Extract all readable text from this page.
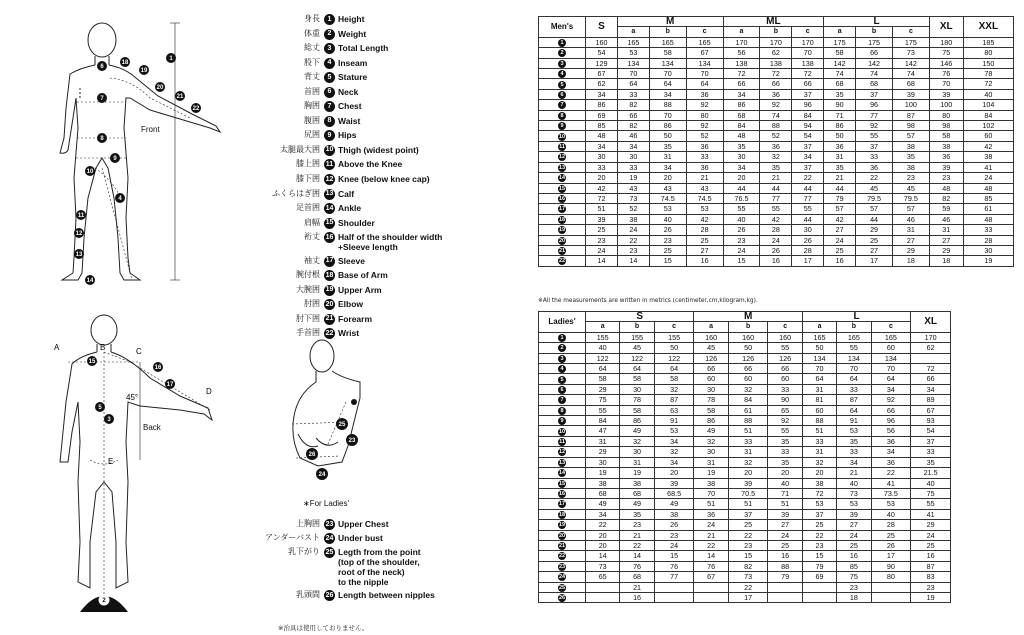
1
6
18
19
20
21
22
7
8
9
10
4
11
12
13
14
Front
15
16
17
5
3
2
A	B	C
D
E
45°
Back	25
23
26
24
∗For Ladies'
身長	1 Height
体重	2 Weight
総丈	3 Total Length
股下	4 Inseam
背丈	5 Stature
首囲	6 Neck
胸囲	7 Chest
腹囲	8 Waist
尻囲	9 Hips
太腿最大囲 10 Thigh (widest point)
膝上囲 11 Above the Knee
膝下囲 12 Knee (below knee cap)
ふくらはぎ囲 13 Calf
足首囲 14 Ankle
肩幅 15 Shoulder
裄丈 16 Half of the shoulder width
+Sleeve length
袖丈 17 Sleeve
腕付根 18 Base of Arm
大腕囲 19 Upper Arm
肘囲 20 Elbow
肘下囲 21 Forearm
手首囲 22 Wrist
上胸囲 23 Upper Chest
アンダーバスト 24 Under bust
乳下がり 25 Legth from the point
(top of the shoulder,
root of the neck)
to the nipple
乳頭間 26 Length between nipples
※治具は使用しておりません。
Men's	S	M			ML			L			XL	XXL
		a	b	c	a	b	c	a	b	c		
1	160	165	165	165	170	170	170	175	175	175	180	185
2	54	53	58	67	56	62	70	58	66	73	75	80
3	129	134	134	134	138	138	138	142	142	142	146	150
4	67	70	70	70	72	72	72	74	74	74	76	78
5	62	64	64	64	66	66	66	68	68	68	70	72
6	34	33	34	36	34	36	37	35	37	39	39	40
7	86	82	88	92	86	92	96	90	96	100	100	104
8	69	66	70	80	68	74	84	71	77	87	80	84
9	85	82	86	92	84	88	94	86	92	98	98	102
10	48	46	50	52	48	52	54	50	55	57	58	60
11	34	34	35	36	35	36	37	36	37	38	38	42
12	30	30	31	33	30	32	34	31	33	35	36	38
13	33	33	34	36	34	35	37	35	36	38	39	41
14	20	19	20	21	20	21	22	21	22	23	23	24
15	42	43	43	43	44	44	44	44	45	45	48	48
16	72	73	74.5	74.5	76.5	77	77	79	79.5	79.5	82	85
17	51	52	53	53	55	55	55	57	57	57	59	61
18	39	38	40	42	40	42	44	42	44	46	46	48
19	25	24	26	28	26	28	30	27	29	31	31	33
20	23	22	23	25	23	24	26	24	25	27	27	28
21	24	23	25	27	24	26	28	25	27	29	29	30
22	14	14	15	16	15	16	17	16	17	18	18	19
※All the measurements are written in metrics (centimeter,cm,kilogram,kg).
Ladies'	S			M			L			XL
	a	b	c	a	b	c	a	b	c	
1	155	155	155	160	160	160	165	165	165	170
2	40	45	50	45	50	55	50	55	60	62
3	122	122	122	126	126	126	134	134	134	
4	64	64	64	66	66	66	70	70	70	72
5	58	58	58	60	60	60	64	64	64	66
6	29	30	32	30	32	33	31	33	34	34
7	75	78	87	78	84	90	81	87	92	89
8	55	58	63	58	61	65	60	64	66	67
9	84	86	91	86	88	92	88	91	96	93
10	47	49	53	49	51	55	51	53	56	54
11	31	32	34	32	33	35	33	35	36	37
12	29	30	32	30	31	33	31	33	34	33
13	30	31	34	31	32	35	32	34	36	35
14	19	19	20	19	20	20	20	21	22	21.5
15	38	38	39	38	39	40	38	40	41	40
16	68	68	68.5	70	70.5	71	72	73	73.5	75
17	49	49	49	51	51	51	53	53	53	55
18	34	35	38	36	37	39	37	39	40	41
19	22	23	26	24	25	27	25	27	28	29
20	20	21	23	21	22	24	22	24	25	24
21	20	22	24	22	23	25	23	25	26	25
22	14	14	15	14	15	16	15	16	17	16
23	73	76	76	76	82	88	79	85	90	87
24	65	68	77	67	73	79	69	75	80	83
25		21			22			23		23
26		16			17			18		19
